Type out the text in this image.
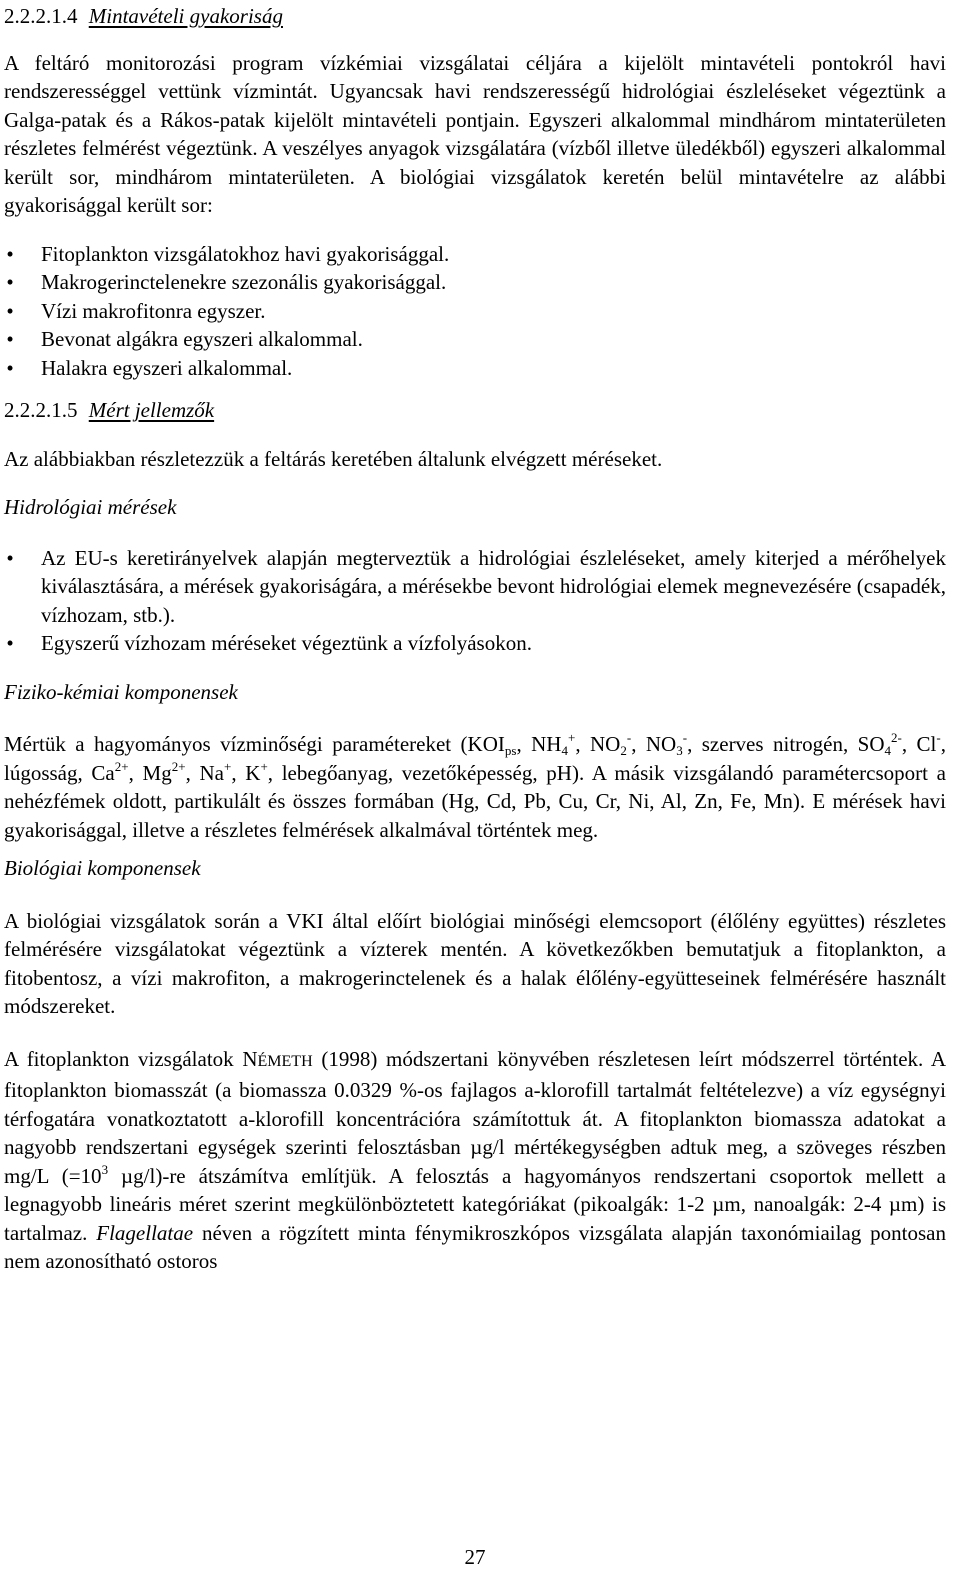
2.2.2.1.4 Mintavételi gyakoriság

A feltáró monitorozási program vízkémiai vizsgálatai céljára a kijelölt mintavételi pontokról havi rendszerességgel vettünk vízmintát. Ugyancsak havi rendszerességű hidrológiai észleléseket végeztünk a Galga-patak és a Rákos-patak kijelölt mintavételi pontjain. Egyszeri alkalommal mindhárom mintaterületen részletes felmérést végeztünk. A veszélyes anyagok vizsgálatára (vízből illetve üledékből) egyszeri alkalommal került sor, mindhárom mintaterületen. A biológiai vizsgálatok keretén belül mintavételre az alábbi gyakorisággal került sor:

• Fitoplankton vizsgálatokhoz havi gyakorisággal.
• Makrogerinctelenekre szezonális gyakorisággal.
• Vízi makrofitonra egyszer.
• Bevonat algákra egyszeri alkalommal.
• Halakra egyszeri alkalommal.
2.2.2.1.5 Mért jellemzők

Az alábbiakban részletezzük a feltárás keretében általunk elvégzett méréseket.

Hidrológiai mérések

• Az EU-s keretirányelvek alapján megterveztük a hidrológiai észleléseket, amely kiterjed a mérőhelyek kiválasztására, a mérések gyakoriságára, a mérésekbe bevont hidrológiai elemek megnevezésére (csapadék, vízhozam, stb.).
• Egyszerű vízhozam méréseket végeztünk a vízfolyásokon.

Fiziko-kémiai komponensek

Mértük a hagyományos vízminőségi paramétereket ($KOI_{ps}$, $NH_4^+$, $NO_2^-$, $NO_3^-$, szerves nitrogén, $SO_4^{2-}$, Cl-, lúgosság, $Ca^{2+}$, $Mg^{2+}$, Na+, K+, lebegőanyag, vezetőképesség, pH). A másik vizsgálandó paramétercsoport a nehézfémek oldott, partikulált és összes formában (Hg, Cd, Pb, Cu, Cr, Ni, Al, Zn, Fe, Mn). E mérések havi gyakorisággal, illetve a részletes felmérések alkalmával történtek meg.

Biológiai komponensek

A biológiai vizsgálatok során a VKI által előírt biológiai minőségi elemcsoport (élőlény együttes) részletes felmérésére vizsgálatokat végeztünk a vízterek mentén. A következőkben bemutatjuk a fitoplankton, a fitobentosz, a vízi makrofiton, a makrogerinctelenek és a halak élőlény-együtteseinek felmérésére használt módszereket.

A fitoplankton vizsgálatok NÉMETH (1998) módszertani könyvében részletesen leírt módszerrel történtek. A fitoplankton biomasszát (a biomassza 0.0329 %-os fajlagos a-klorofill tartalmát feltételezve) a víz egységnyi térfogatára vonatkoztatott a-klorofill koncentrációra számítottuk át. A fitoplankton biomassza adatokat a nagyobb rendszertani egységek szerinti felosztásban µg/l mértékegységben adtuk meg, a szöveges részben mg/L ($=10^3$ µg/l)-re átszámítva említjük. A felosztás a hagyományos rendszertani csoportok mellett a legnagyobb lineáris méret szerint megkülönböztetett kategóriákat (pikoalgák: 1-2 µm, nanoalgák: 2-4 µm) is tartalmaz. Flagellatae néven a rögzített minta fénymikroszkópos vizsgálata alapján taxonómiailag pontosan nem azonosítható ostoros

27
